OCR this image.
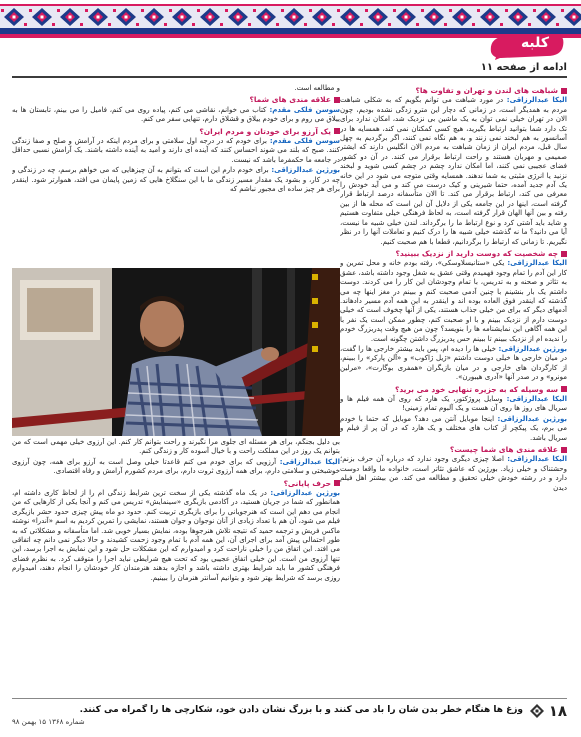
کلبه
ادامه از صفحه ۱۱
شباهت های لندن و تهران و تفاوت ها؟

الیکا عبدالرزاقی: در مورد شباهت می توانم بگویم که به شکلی شباهت مردم به همدیگر است، در زمانی که دچار این مترو زدگی نشده بودیم، چون الان در تهران خیلی نمی توان به یک ماشین بی نزدیک شد، امکان ندارد برای تک دارد شما بتوانید ارتباط بگیرید، هیچ کسی کمکتان نمی کند، همسایه ها در آسانسور به هم لبخند نمی زنند و به هم نگاه نمی کنند، اگر برگردیم به چهل سال قبل، مردم ایران از زمان شباهت به مردم الان انگلیس دارند که ایشتر صمیمی و مهربان هستند و راحت ارتباط برقرار می کنند. در آن دو کشور فضای عجیبی نمی کنند، اما امکان ندارد چشم در چشم کسی شوید و لبخند نزنید یا انرژی مثبتی به شما ندهند. همسایه وقتی متوجه می شود در این خانه یک آدم جدید آمده، حتما شیرینی و کیک درست می کند و می آید خودش را معرفی می کند، ارتباط برقرار می کند. تا الان متأسفانه درصد ارتباط قرار گرفته است، اینها در این جامعه یکی از دلایل آن این است که محله ها از بین رفته و بین آنها الهان قرار گرفته است، به لحاظ فرهنگی خیلی متفاوت هستیم و شاید باید آشتی کرد و نوع ارتباط ما را برگرداند. لندن خیلی شبیه ما نیست، آیا می دانید؟ ما نه گذشته خیلی شبیه ها را درک کنیم و تعاملات آنها را در نظر نگیریم. تا زمانی که ارتباط را برگردانیم، قطعا با هم صحبت کنیم.

چه شخصیت که دوست دارید از نزدیک ببینید؟

الیکا عبدالرزاقی: یکی «ستانیسلاوسکی»، رفته بودم خانه و محل تمرین و کار این آدم را تمام وجود فهمیدم وقتی عشق به شغل وجود داشته باشد، عشق به تئاتر و صحنه و به تدریس، با تمام وجودشان این کار را می کردند. دوست داشتم یک بار بنشینم با چنین آدمی صحبت کنم و ببینم در مغز اینها چه می گذشته که اینقدر فوق العاده بوده اند و اینقدر به این همه آدم مسیر دادهاند. آدمهای دیگر که برای من خیلی جذاب هستند، یکی از آنها چخوف است که خیلی دوست دارم از نزدیک ببینم و با او صحبت کنم، چطور ممکن است یک نفر با این همه آگاهی این نمایشنامه ها را بنویسد؟ چون من هیچ وقت پدربزرگ خودم را ندیده ام از نزدیک ببینم تا ببینم حس پدربزرگ داشتن چگونه است.

بورژین عبدالرزاقی: خیلی ها را دیده ام، پس باید بیشتر خارجی ها را گفت، در میان خارجی ها خیلی دوست داشتم «ژیل ژاکوب» و «آلن پارکر» را ببینم، از کارگردان های خارجی و در میان بازیگران «همفری بوگارت»، «مرلین مونرو» و در صدر آنها «آدری هیبورن».

سه وسیله که به جزیره تنهایی خود می برید؟

الیکا عبدالرزاقی: وسایل پروژکتور، یک هارد که روی آن همه فیلم ها و سریال های روز ها روی آن هست و یک آلبوم تمام زمینی!

بورژین عبدالرزاقی: اینجا موبایل آنتن می دهد؟ موبایل که حتما با خودم می برم، یک پیکچر از کتاب های مختلف و یک هارد که در آن پر از فیلم و سریال باشد.

علاقه مندی های شما چیست؟

الیکا عبدالرزاقی: اصلا چیزی دیگری وجود ندارد که درباره آن حرف بزنم؛ وحشتناک و خیلی زیاد. بورژین که عاشق تئاتر است، خانواده ما واقعا دوست دارد و در رشته خودش خیلی تحقیق و مطالعه می کند. من بیشتر اهل فیلم دیدن

و مطالعه است.

علاقه مندی های شما؟

سوسن فلکی مقدم: کتاب می خوانم، نقاشی می کنم، پیاده روی می کنم، فامیل را می بینم، تابستان ها به ییلاق می روم و برای خودم ییلاق و قشلاق دارم، تنهایی سفر می کنم.

یک آرزو برای خودتان و مردم ایران؟

سوسن فلکی مقدم: برای خودم که در درجه اول سلامتی و برای مردم اینکه در آرامش و صلح و صفا زندگی کنند. صبح که بلند می شوند احساس کنند که آینده ای دارند و امید به آینده داشته باشند. یک آرامش نسبی حداقل در جامعه ما حکمفرما باشد که نیست.

بورژین عبدالرزاقی: برای خودم دارم این است که بتوانم به آن چیزهایی که می خواهم برسم، چه در زندگی و چه در کار، و بشود یک مقدار مسیر زندگی ما با این سنگلاخ هایی که زمین پایمان می افتد، هموارتر شود. اینقدر برای هر چیز ساده ای مجبور نباشم که

بی دلیل بجنگم، برای هر مسئله ای جلوی مرا نگیرند و راحت بتوانم کار کنم. این آرزوی خیلی مهمی است که من بتوانم یک روز در این مملکت راحت و با خیال آسوده کار و زندگی کنم.

الیکا عبدالرزاقی: آرزویی که برای خودم می کنم قاعدتا خیلی وصل است به آرزو برای همه، چون آرزوی خوشبختی و سلامتی دارم، برای همه آرزوی ثروت دارم، برای مردم کشورم آرامش و رفاه اقتصادی.

حرف پایانی؟

بورژین عبدالرزاقی: در یک ماه گذشته یکی از سخت ترین شرایط زندگی ام را از لحاظ کاری داشته ام، همانطور که شما در جریان هستید، در آکادمی بازیگری «سینمایش» تدریس می کنم و آنجا یکی از کارهایی که من انجام می دهم این است که هنرجویانی را برای بازیگری تربیت کنم. حدود دو ماه پیش چیزی حدود حشر بازیگری فیلم می شود، آن هم با تعداد زیادی از آنان نوجوان و جوان هستند، نمایشی را تمرین کردیم به اسم «آندرا» نوشته ماکس فریش و ترجمه حمید که نتیجه تلاش هنرجوها بوده، نمایش بسیار خوبی شد. اما متأسفانه و مشکلاتی که به طور احتمالی پیش آمد برای اجرای آن، این همه آدم با تمام وجود زحمت کشیدند و حالا دیگر نمی دانم چه اتفاقی می افتد. این اتفاق من را خیلی ناراحت کرد و امیدوارم که این مشکلات حل شود و این نمایش به اجرا برسد، این تنها آرزوی من است. این خیلی اتفاق عجیبی بود که تحت هیچ شرایطی نباید اجرا را متوقف کرد. به نظرم فضای فرهنگی کشور ما باید شرایط بهتری داشته باشد و اجازه بدهند هنرمندان کار خودشان را انجام دهند، امیدوارم روزی برسد که شرایط بهتر شود و بتوانیم آسانتر هنرمان را ببینیم.

۱۸
وزغ ها هنگام خطر بدن شان را باد می کنند و با بزرگ نشان دادن خود، شکارچی ها را گمراه می کنند.
شماره ۱۳۶۸ ۱۵ بهمن ۹۸
